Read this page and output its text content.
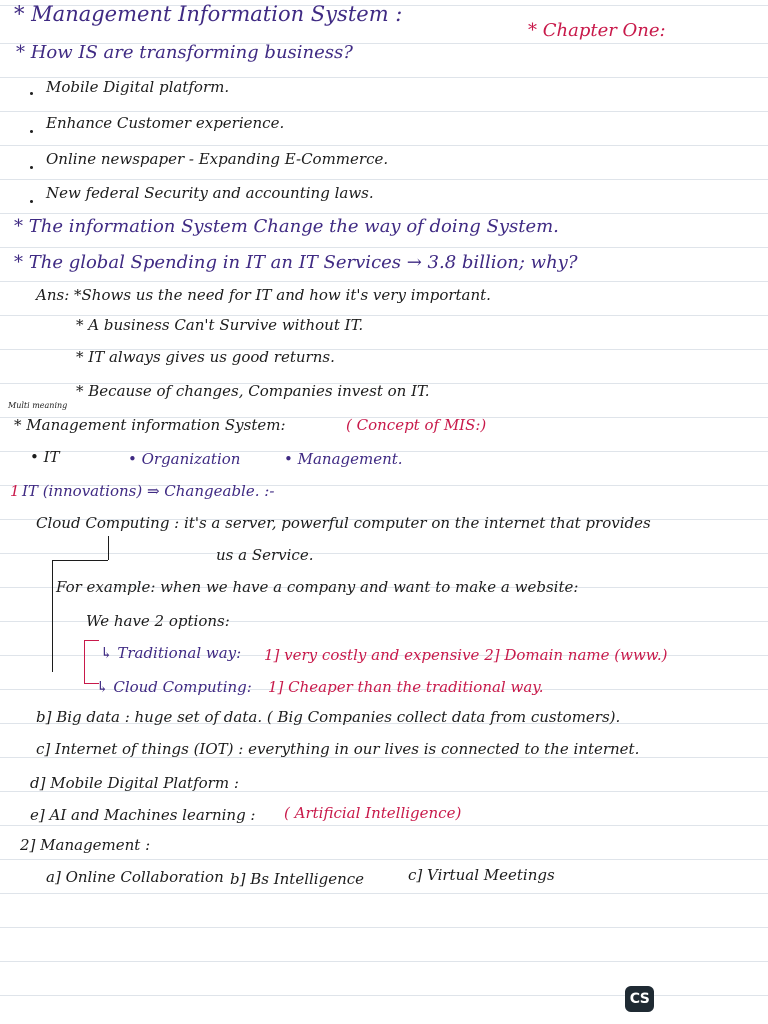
* Management Information System :
* Chapter One:
* How IS are transforming business?
Mobile Digital platform.
Enhance Customer experience.
Online newspaper - Expanding E-Commerce.
New federal Security and accounting laws.
* The information System Change the way of doing System.
* The global Spending in IT an IT Services → 3.8 billion; why?
Ans: *Shows us the need for IT and how it's very important.
* A business Can't Survive without IT.
* IT always gives us good returns.
* Because of changes, Companies invest on IT.
Multi meaning
* Management information System:	( Concept of MIS:)
• IT	• Organization	• Management.
1 IT (innovations) ⇒ Changeable. :-
Cloud Computing : it's a server, powerful computer on the internet that provides
us a Service.
For example: when we have a company and want to make a website:
We have 2 options:
↳ Traditional way: 1] very costly and expensive 2] Domain name (www.)
↳ Cloud Computing: 1] Cheaper than the traditional way.
b] Big data : huge set of data. ( Big Companies collect data from customers).
c] Internet of things (IOT) : everything in our lives is connected to the internet.
d] Mobile Digital Platform :
e] AI and Machines learning : ( Artificial Intelligence)
2] Management :
a] Online Collaboration b] Bs Intelligence	c] Virtual Meetings
CS
